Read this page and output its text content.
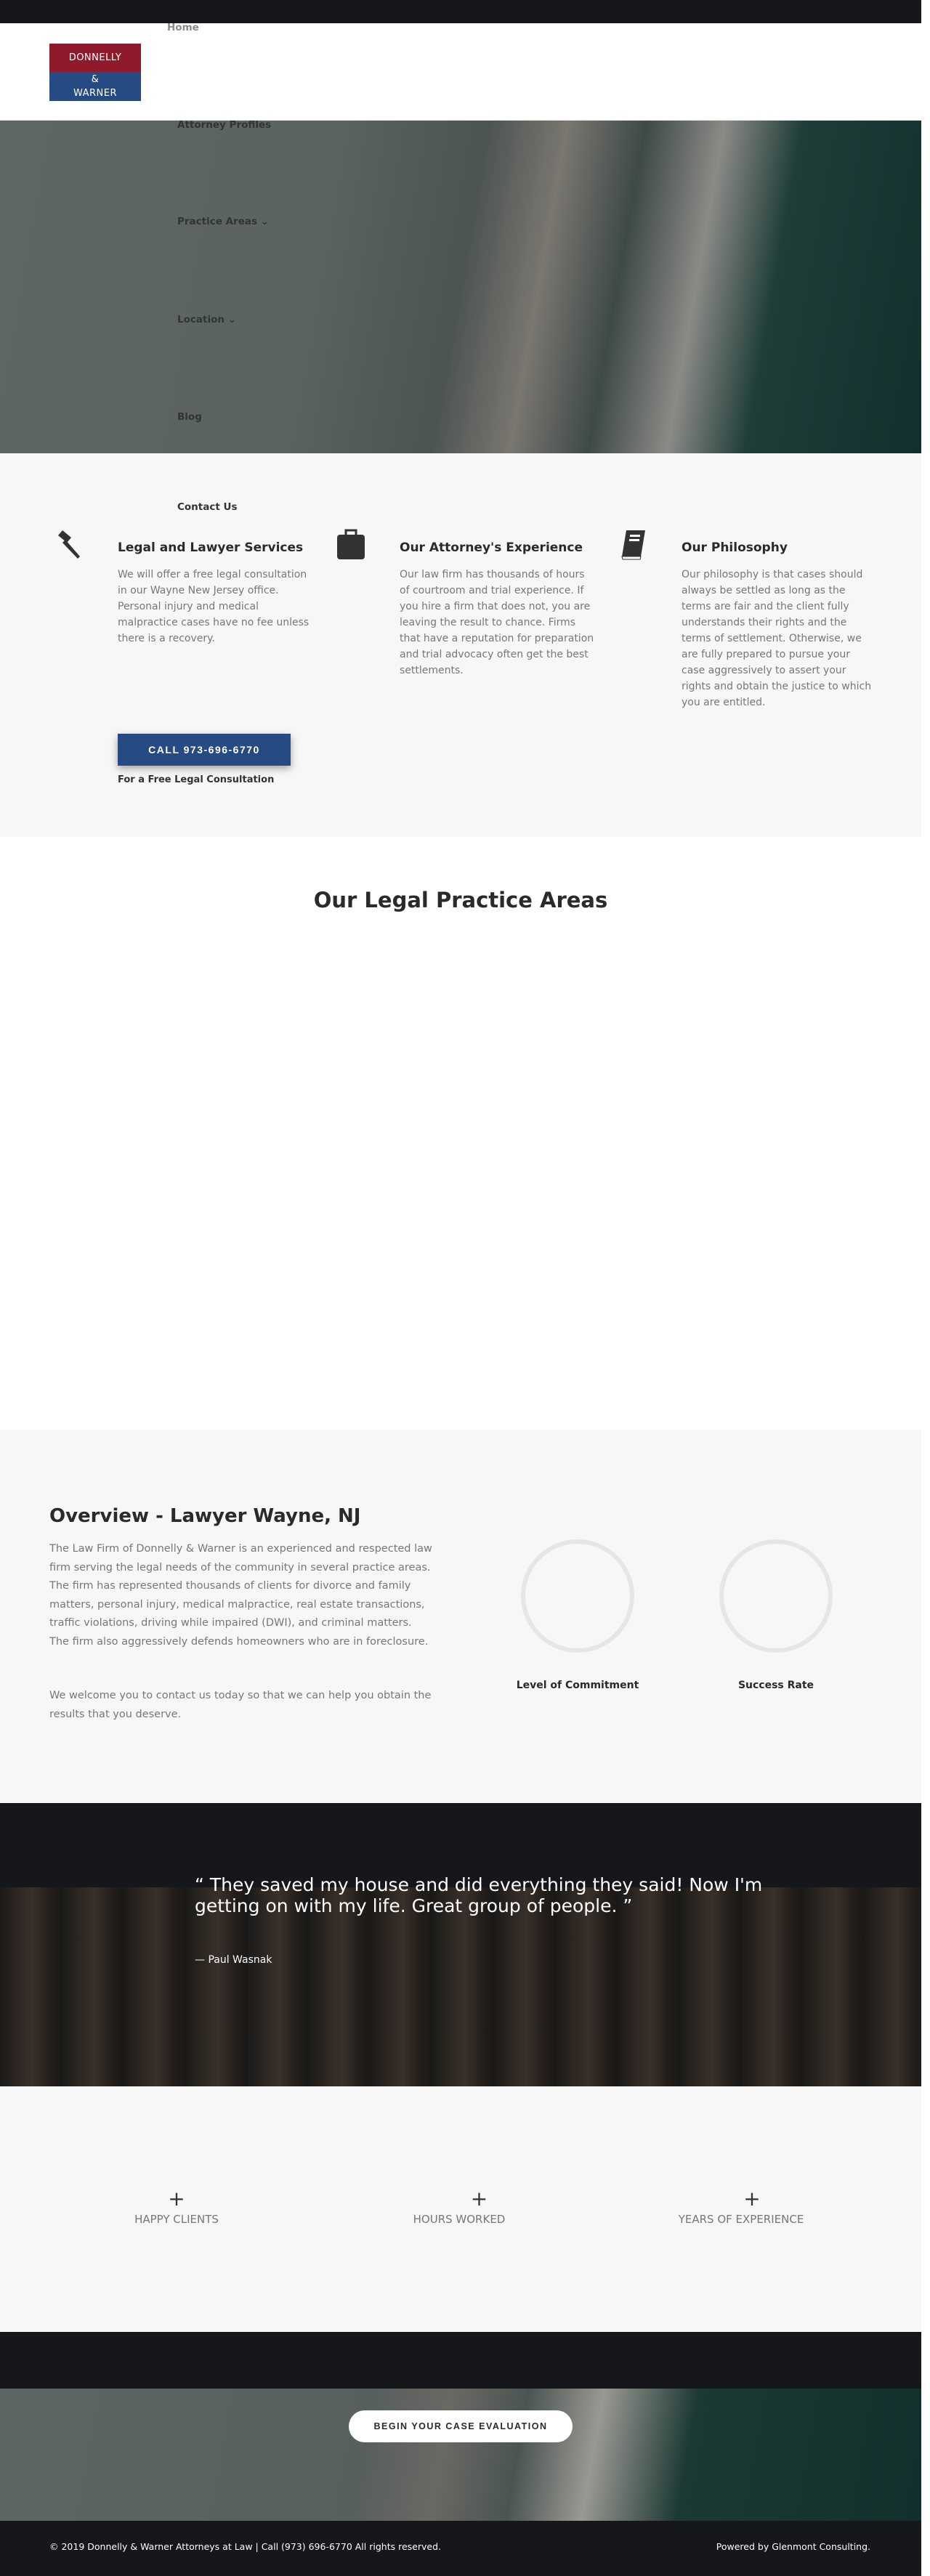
DONNELLY
&
WARNER
Legal and Lawyer Services

We will offer a free legal consultation in our Wayne New Jersey office. Personal injury and medical malpractice cases have no fee unless there is a recovery.

Our Attorney's Experience

Our law firm has thousands of hours of courtroom and trial experience. If you hire a firm that does not, you are leaving the result to chance. Firms that have a reputation for preparation and trial advocacy often get the best settlements.

Our Philosophy

Our philosophy is that cases should always be settled as long as the terms are fair and the client fully understands their rights and the terms of settlement. Otherwise, we are fully prepared to pursue your case aggressively to assert your rights and obtain the justice to which you are entitled.

Our Legal Practice Areas
Overview - Lawyer Wayne, NJ

The Law Firm of Donnelly & Warner is an experienced and respected law firm serving the legal needs of the community in several practice areas. The firm has represented thousands of clients for divorce and family matters, personal injury, medical malpractice, real estate transactions, traffic violations, driving while impaired (DWI), and criminal matters. The firm also aggressively defends homeowners who are in foreclosure.

We welcome you to contact us today so that we can help you obtain the results that you deserve.

Level of Commitment	Success Rate
“ They saved my house and did everything they said! Now I'm getting on with my life. Great group of people. ”
— Paul Wasnak
+
HAPPY CLIENTS
+
HOURS WORKED
+
YEARS OF EXPERIENCE
BEGIN YOUR CASE EVALUATION
© 2019 Donnelly & Warner Attorneys at Law | Call (973) 696-6770 All rights reserved.	Powered by Glenmont Consulting.
Home
Attorney Profiles
Practice Areas ⌄
Location ⌄
Blog
Contact Us
CALL 973-696-6770
For a Free Legal Consultation
